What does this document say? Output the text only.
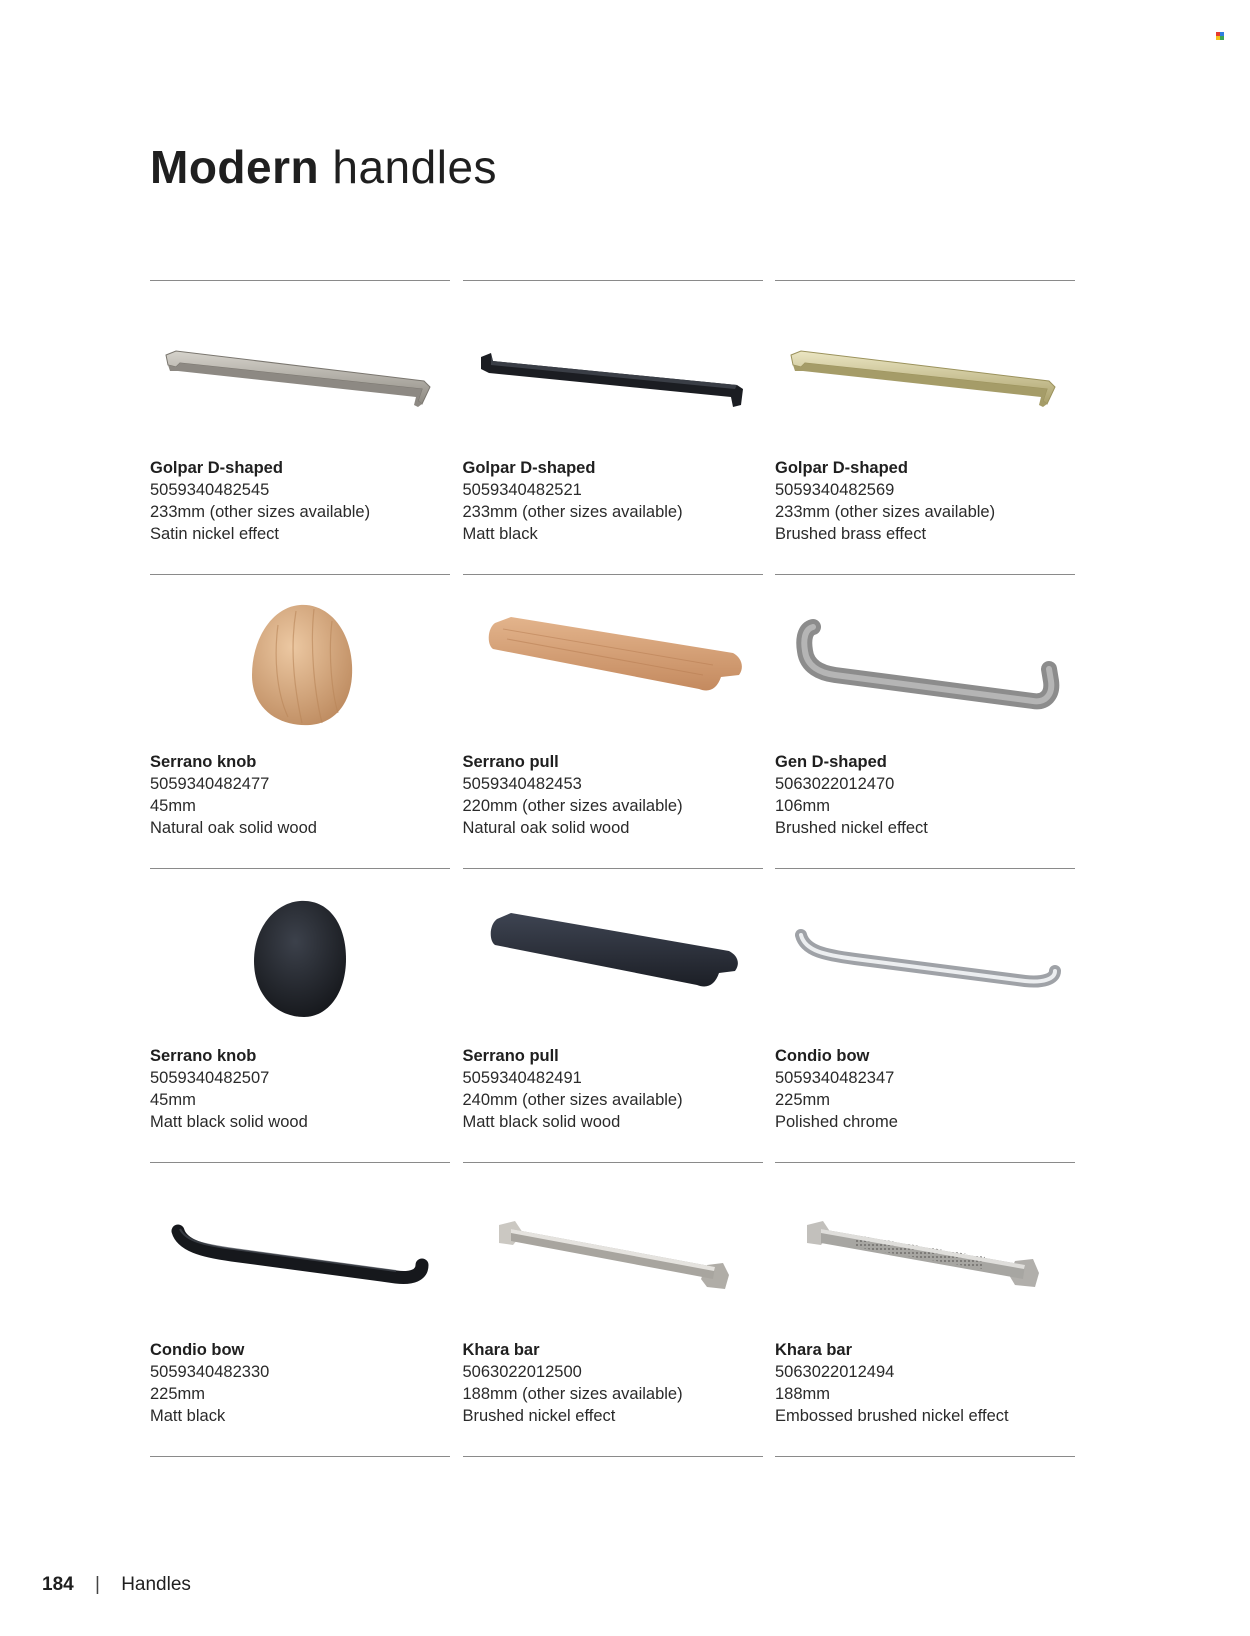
Modern handles
Golpar D-shaped
5059340482545
233mm (other sizes available)
Satin nickel effect
Golpar D-shaped
5059340482521
233mm (other sizes available)
Matt black
Golpar D-shaped
5059340482569
233mm (other sizes available)
Brushed brass effect
Serrano knob
5059340482477
45mm
Natural oak solid wood
Serrano pull
5059340482453
220mm (other sizes available)
Natural oak solid wood
Gen D-shaped
5063022012470
106mm
Brushed nickel effect
Serrano knob
5059340482507
45mm
Matt black solid wood
Serrano pull
5059340482491
240mm (other sizes available)
Matt black solid wood
Condio bow
5059340482347
225mm
Polished chrome
Condio bow
5059340482330
225mm
Matt black
Khara bar
5063022012500
188mm (other sizes available)
Brushed nickel effect
Khara bar
5063022012494
188mm
Embossed brushed nickel effect
184 | Handles
